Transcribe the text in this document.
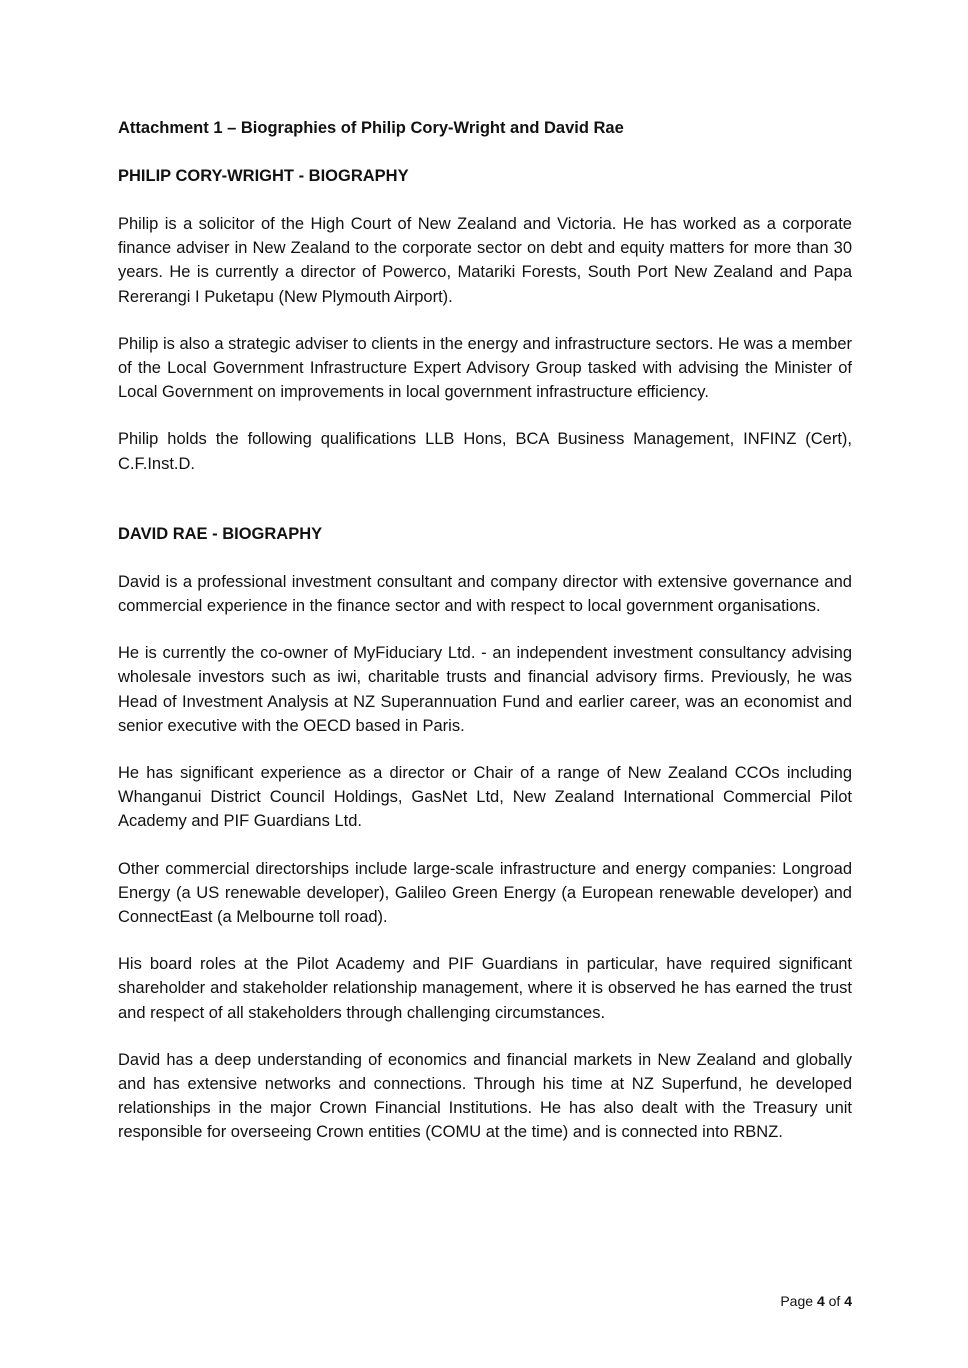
Attachment 1 – Biographies of Philip Cory-Wright and David Rae

PHILIP CORY-WRIGHT - BIOGRAPHY

Philip is a solicitor of the High Court of New Zealand and Victoria. He has worked as a corporate finance adviser in New Zealand to the corporate sector on debt and equity matters for more than 30 years. He is currently a director of Powerco, Matariki Forests, South Port New Zealand and Papa Rererangi I Puketapu (New Plymouth Airport).

Philip is also a strategic adviser to clients in the energy and infrastructure sectors. He was a member of the Local Government Infrastructure Expert Advisory Group tasked with advising the Minister of Local Government on improvements in local government infrastructure efficiency.

Philip holds the following qualifications LLB Hons, BCA Business Management, INFINZ (Cert), C.F.Inst.D.

DAVID RAE - BIOGRAPHY

David is a professional investment consultant and company director with extensive governance and commercial experience in the finance sector and with respect to local government organisations.

He is currently the co-owner of MyFiduciary Ltd. - an independent investment consultancy advising wholesale investors such as iwi, charitable trusts and financial advisory firms. Previously, he was Head of Investment Analysis at NZ Superannuation Fund and earlier career, was an economist and senior executive with the OECD based in Paris.

He has significant experience as a director or Chair of a range of New Zealand CCOs including Whanganui District Council Holdings, GasNet Ltd, New Zealand International Commercial Pilot Academy and PIF Guardians Ltd.

Other commercial directorships include large-scale infrastructure and energy companies: Longroad Energy (a US renewable developer), Galileo Green Energy (a European renewable developer) and ConnectEast (a Melbourne toll road).

His board roles at the Pilot Academy and PIF Guardians in particular, have required significant shareholder and stakeholder relationship management, where it is observed he has earned the trust and respect of all stakeholders through challenging circumstances.

David has a deep understanding of economics and financial markets in New Zealand and globally and has extensive networks and connections. Through his time at NZ Superfund, he developed relationships in the major Crown Financial Institutions. He has also dealt with the Treasury unit responsible for overseeing Crown entities (COMU at the time) and is connected into RBNZ.

Page 4 of 4
